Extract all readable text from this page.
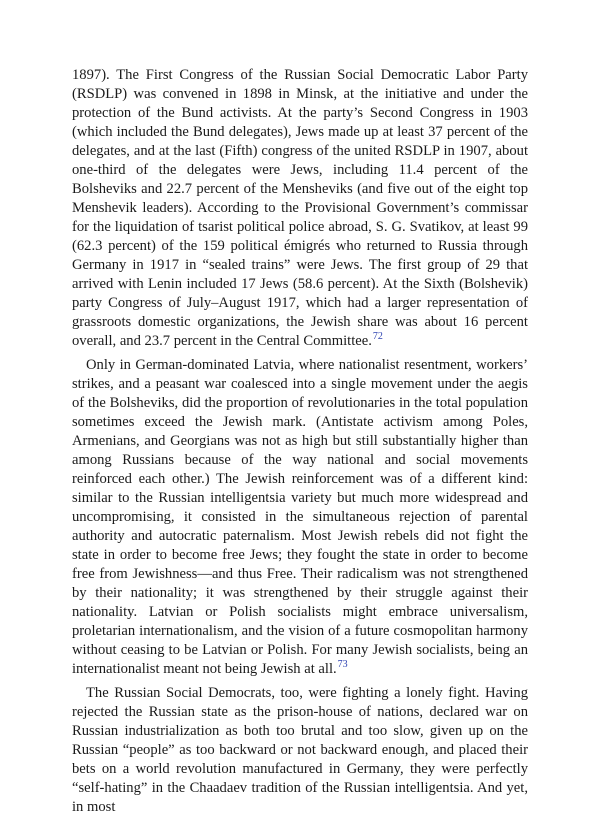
1897). The First Congress of the Russian Social Democratic Labor Party (RSDLP) was convened in 1898 in Minsk, at the initiative and under the protection of the Bund activists. At the party’s Second Congress in 1903 (which included the Bund delegates), Jews made up at least 37 percent of the delegates, and at the last (Fifth) congress of the united RSDLP in 1907, about one-third of the delegates were Jews, including 11.4 percent of the Bolsheviks and 22.7 percent of the Mensheviks (and five out of the eight top Menshevik leaders). According to the Provisional Government’s commissar for the liquidation of tsarist political police abroad, S. G. Svatikov, at least 99 (62.3 percent) of the 159 political émigrés who returned to Russia through Germany in 1917 in “sealed trains” were Jews. The first group of 29 that arrived with Lenin included 17 Jews (58.6 percent). At the Sixth (Bolshevik) party Congress of July–August 1917, which had a larger representation of grassroots domestic organizations, the Jewish share was about 16 percent overall, and 23.7 percent in the Central Committee.$^{72}$

Only in German-dominated Latvia, where nationalist resentment, workers’ strikes, and a peasant war coalesced into a single movement under the aegis of the Bolsheviks, did the proportion of revolutionaries in the total population sometimes exceed the Jewish mark. (Antistate activism among Poles, Armenians, and Georgians was not as high but still substantially higher than among Russians because of the way national and social movements reinforced each other.) The Jewish reinforcement was of a different kind: similar to the Russian intelligentsia variety but much more widespread and uncompromising, it consisted in the simultaneous rejection of parental authority and autocratic paternalism. Most Jewish rebels did not fight the state in order to become free Jews; they fought the state in order to become free from Jewishness—and thus Free. Their radicalism was not strengthened by their nationality; it was strengthened by their struggle against their nationality. Latvian or Polish socialists might embrace universalism, proletarian internationalism, and the vision of a future cosmopolitan harmony without ceasing to be Latvian or Polish. For many Jewish socialists, being an internationalist meant not being Jewish at all.$^{73}$

The Russian Social Democrats, too, were fighting a lonely fight. Having rejected the Russian state as the prison-house of nations, declared war on Russian industrialization as both too brutal and too slow, given up on the Russian “people” as too backward or not backward enough, and placed their bets on a world revolution manufactured in Germany, they were perfectly “self-hating” in the Chaadaev tradition of the Russian intelligentsia. And yet, in most
